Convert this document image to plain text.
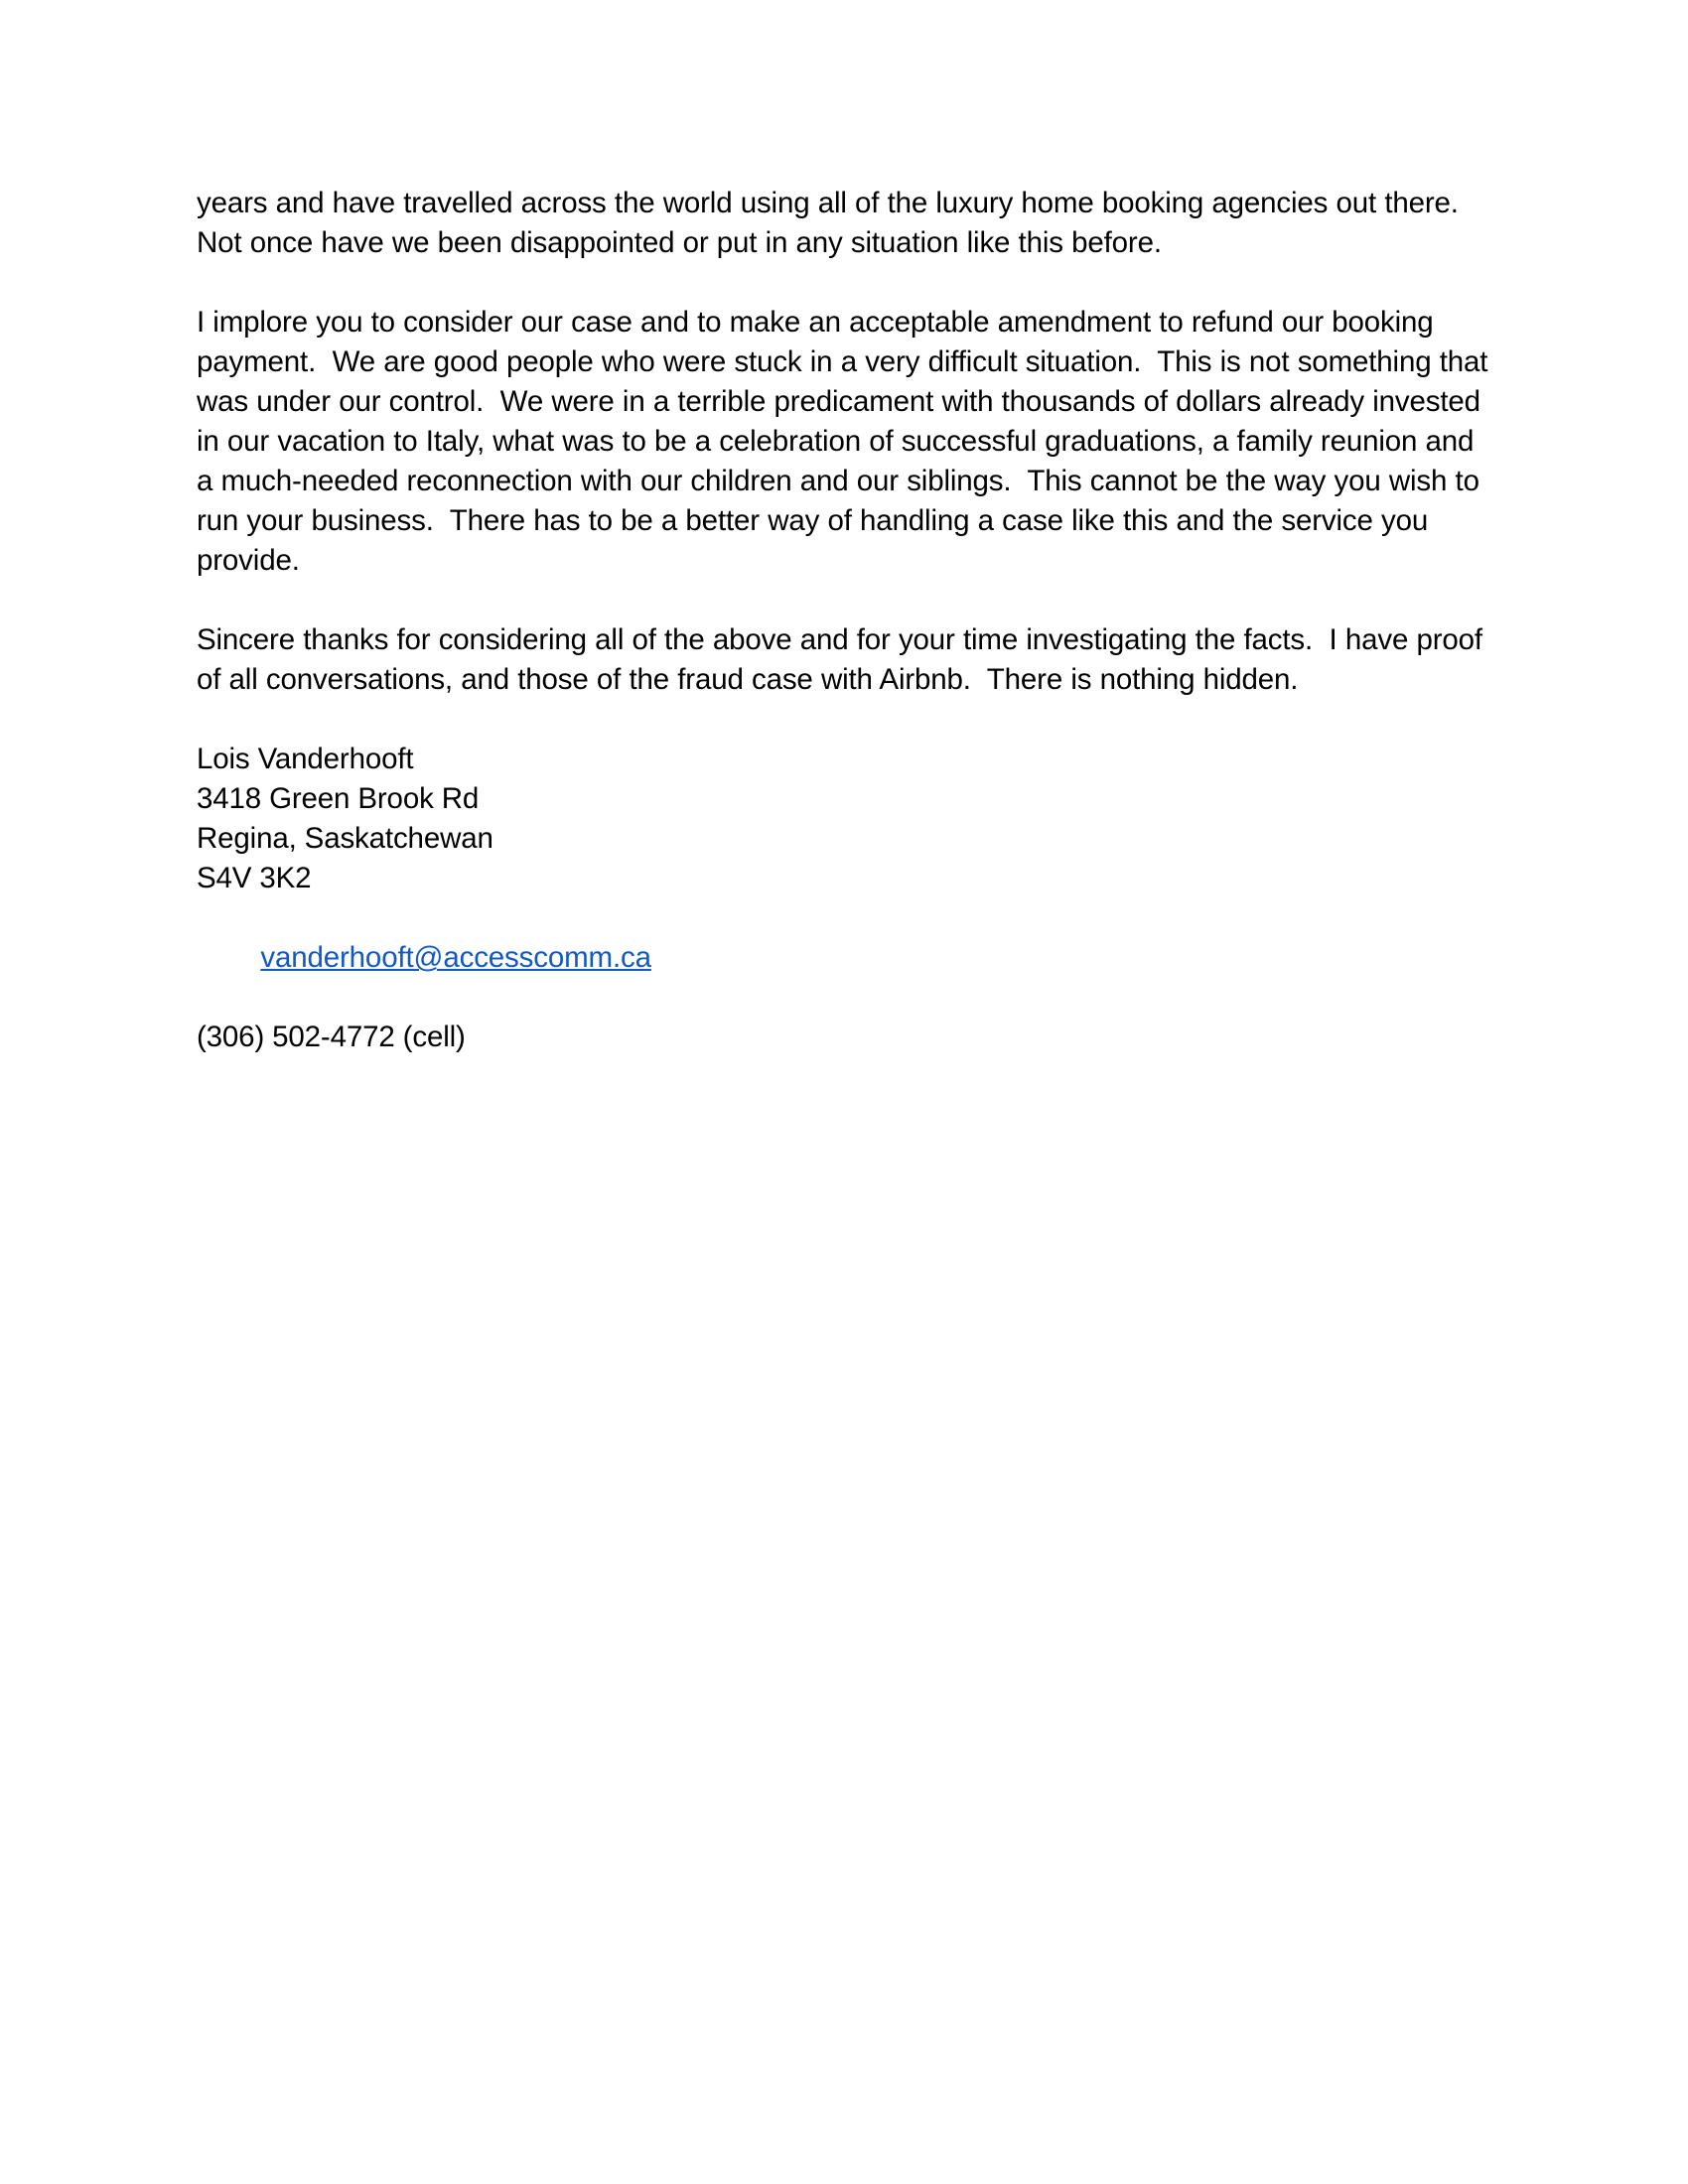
years and have travelled across the world using all of the luxury home booking agencies out there.  Not once have we been disappointed or put in any situation like this before.

I implore you to consider our case and to make an acceptable amendment to refund our booking payment.  We are good people who were stuck in a very difficult situation.  This is not something that was under our control.  We were in a terrible predicament with thousands of dollars already invested in our vacation to Italy, what was to be a celebration of successful graduations, a family reunion and a much-needed reconnection with our children and our siblings.  This cannot be the way you wish to run your business.  There has to be a better way of handling a case like this and the service you provide.

Sincere thanks for considering all of the above and for your time investigating the facts.  I have proof of all conversations, and those of the fraud case with Airbnb.  There is nothing hidden.

Lois Vanderhooft
3418 Green Brook Rd
Regina, Saskatchewan
S4V 3K2

vanderhooft@accesscomm.ca

(306) 502-4772 (cell)
